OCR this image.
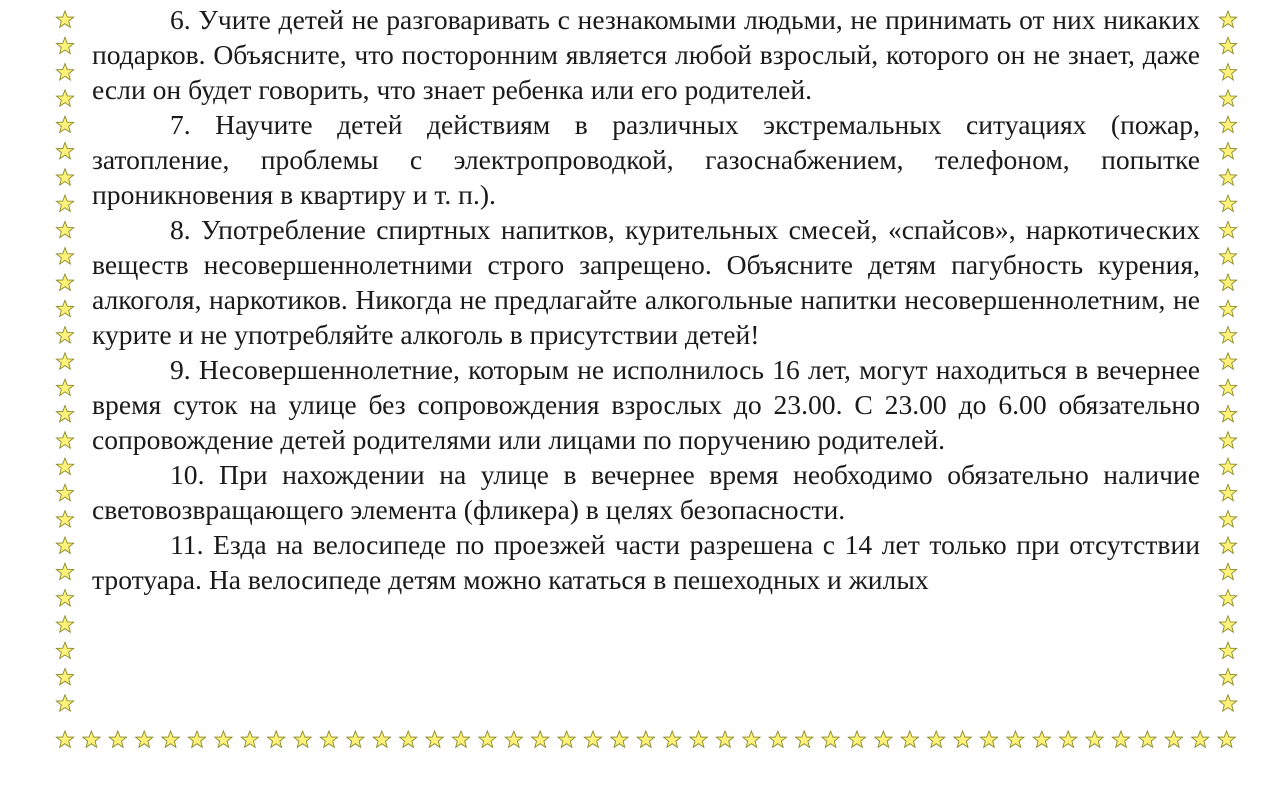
6. Учите детей не разговаривать с незнакомыми людьми, не принимать от них никаких подарков. Объясните, что посторонним является любой взрослый, которого он не знает, даже если он будет говорить, что знает ребенка или его родителей.

7. Научите детей действиям в различных экстремальных ситуациях (пожар, затопление, проблемы с электропроводкой, газоснабжением, телефоном, попытке проникновения в квартиру и т. п.).

8. Употребление спиртных напитков, курительных смесей, «спайсов», наркотических веществ несовершеннолетними строго запрещено. Объясните детям пагубность курения, алкоголя, наркотиков. Никогда не предлагайте алкогольные напитки несовершеннолетним, не курите и не употребляйте алкоголь в присутствии детей!

9. Несовершеннолетние, которым не исполнилось 16 лет, могут находиться в вечернее время суток на улице без сопровождения взрослых до 23.00. С 23.00 до 6.00 обязательно сопровождение детей родителями или лицами по поручению родителей.

10. При нахождении на улице в вечернее время необходимо обязательно наличие световозвращающего элемента (фликера) в целях безопасности.

11. Езда на велосипеде по проезжей части разрешена с 14 лет только при отсутствии тротуара. На велосипеде детям можно кататься в пешеходных и жилых
